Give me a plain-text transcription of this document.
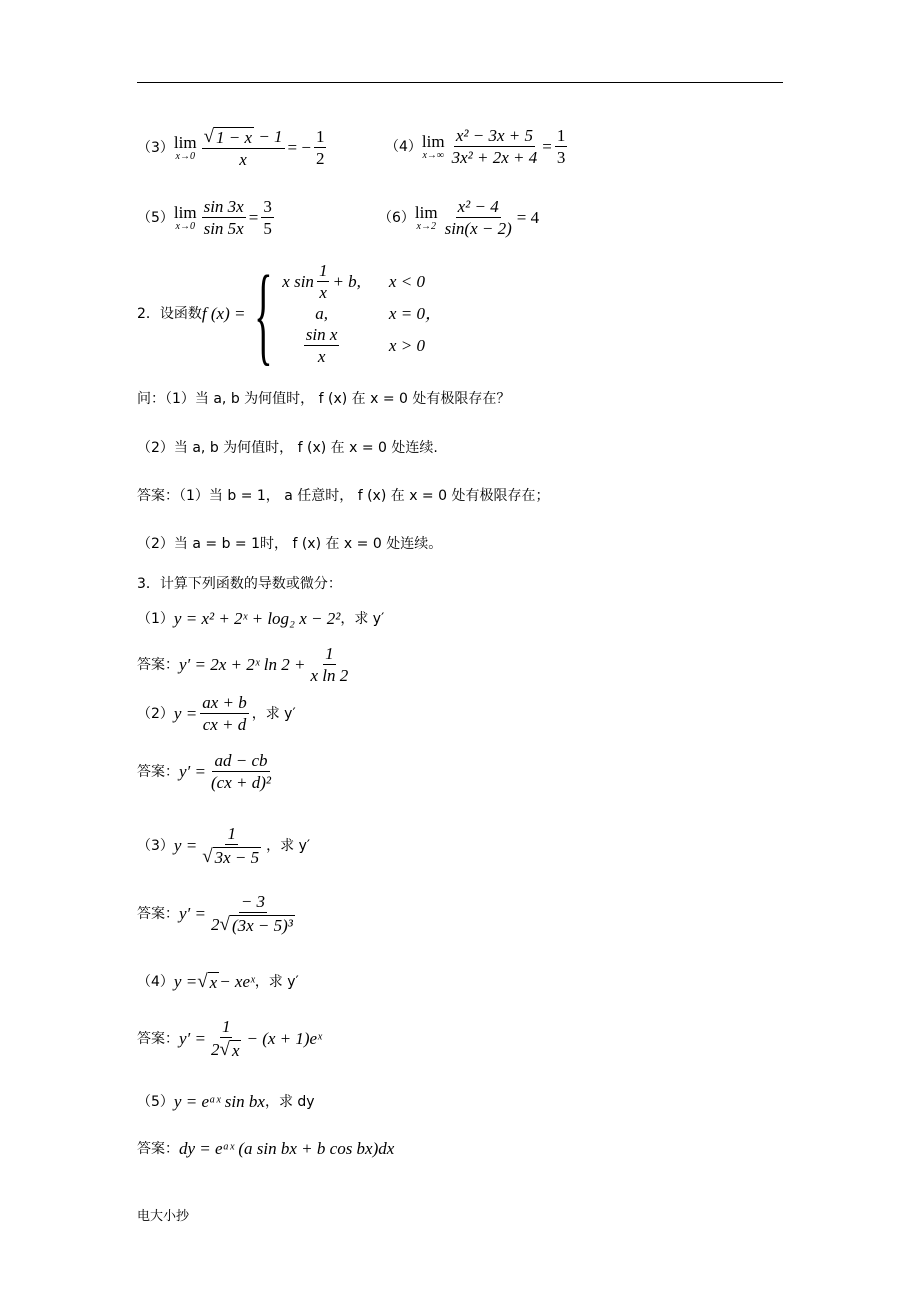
（3） lim
$x\to 0 \frac{√ 1 - x - 1}{x}$ = − $\frac{1}{2}$	（4） lim
$x\to\infty \frac{\text{x² − 3x + 5}}{\text{3x² + 2x + 4}} = \frac{1}{3}$
（5） lim
$x\to 0 \frac{\sin 3x}{\sin 5x} = \frac{3}{5}$	（6） lim
$x\to 2 \frac{\text{x² − 4}}{\sin(x - 2)} = 4$
2．设函数 f (x) = { x $\sin \frac{1}{x} + b$, x < 0
a,	x = 0，
$\frac{\text{sin x}}{x}$	x > 0
问：（1）当 a, b 为何值时， f (x) 在 x = 0 处有极限存在？
（2）当 a, b 为何值时， f (x) 在 x = 0 处连续.
答案：（1）当 b = 1， a 任意时， f (x) 在 x = 0 处有极限存在；
（2）当 a = b = 1时， f (x) 在 x = 0 处连续。
3．计算下列函数的导数或微分：
（1） y = x² + 2ˣ + log₂ x − 2² ，求 y′
答案： y′ = 2x + 2ˣ $\ln 2 + \frac{1}{\text{x ln 2}}$
（2） $y = \frac{ax + b}{cx + d}$ ，求 y′
答案： $y' = \frac{ad - cb}{\text{(cx + d)²}}$
（3） $y = \frac{1}{√ 3x - 5}$ ，求 y′
答案： $y' = \frac{- 3}{\text{2 √ (3x − 5)³}}$
（4） y = √ x − xeˣ ，求 y′
答案： $y' = \frac{1}{2 √ x} - (x$ + 1)eˣ
（5） y = eᵃˣ sin bx ，求 dy
答案： dy = eᵃˣ (a sin bx + b cos bx)dx
电大小抄
